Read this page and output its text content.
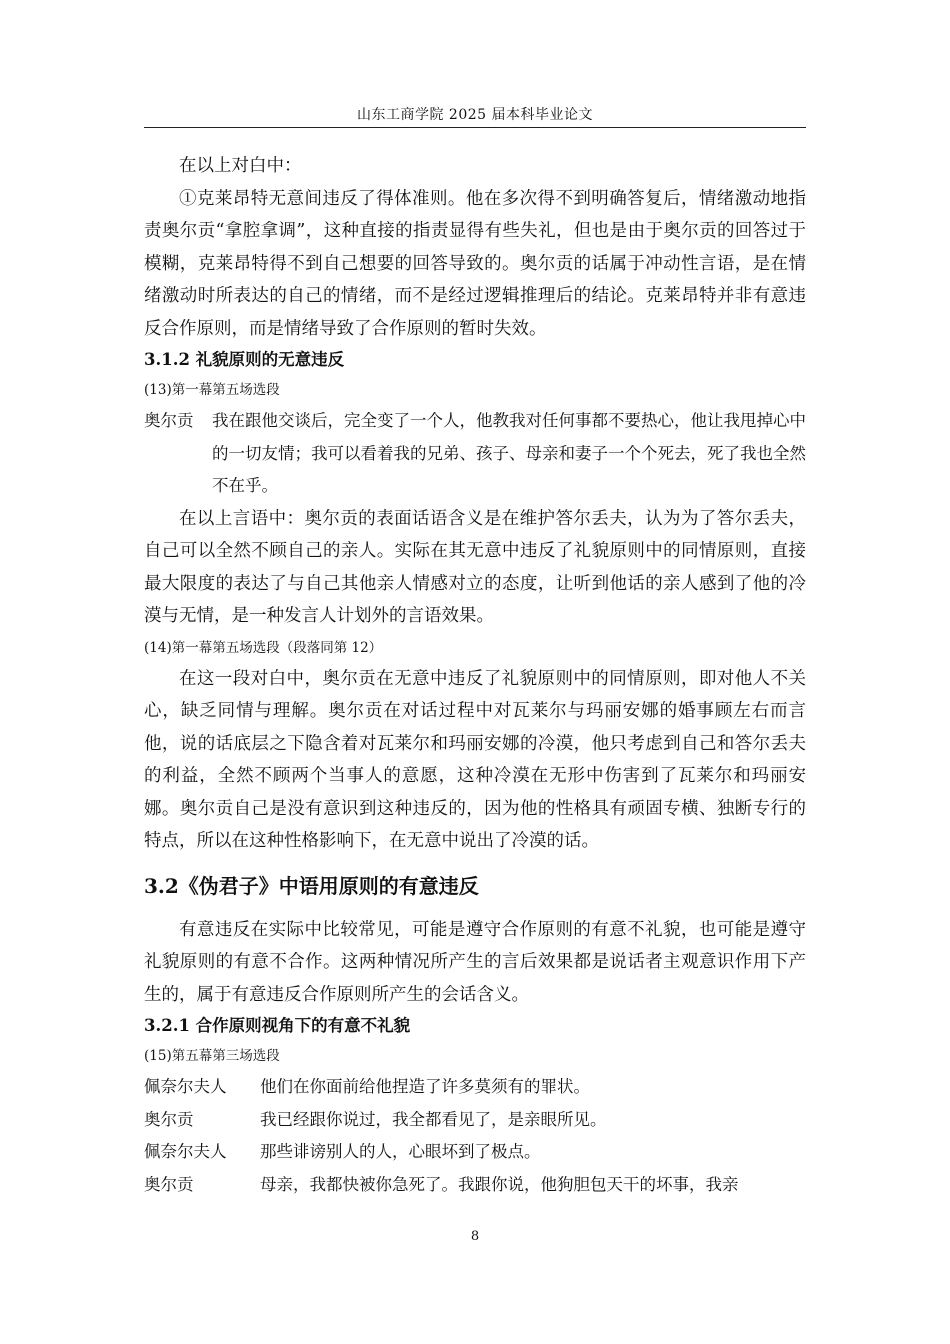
山东工商学院 2025 届本科毕业论文

在以上对白中：

①克莱昂特无意间违反了得体准则。他在多次得不到明确答复后，情绪激动地指责奥尔贡“拿腔拿调”，这种直接的指责显得有些失礼，但也是由于奥尔贡的回答过于模糊，克莱昂特得不到自己想要的回答导致的。奥尔贡的话属于冲动性言语，是在情绪激动时所表达的自己的情绪，而不是经过逻辑推理后的结论。克莱昂特并非有意违反合作原则，而是情绪导致了合作原则的暂时失效。

3.1.2 礼貌原则的无意违反

(13)第一幕第五场选段

奥尔贡	我在跟他交谈后，完全变了一个人，他教我对任何事都不要热心，他让我甩掉心中的一切友情；我可以看着我的兄弟、孩子、母亲和妻子一个个死去，死了我也全然不在乎。

在以上言语中：奥尔贡的表面话语含义是在维护答尔丢夫，认为为了答尔丢夫，自己可以全然不顾自己的亲人。实际在其无意中违反了礼貌原则中的同情原则，直接最大限度的表达了与自己其他亲人情感对立的态度，让听到他话的亲人感到了他的冷漠与无情，是一种发言人计划外的言语效果。

(14)第一幕第五场选段（段落同第 12）

在这一段对白中，奥尔贡在无意中违反了礼貌原则中的同情原则，即对他人不关心，缺乏同情与理解。奥尔贡在对话过程中对瓦莱尔与玛丽安娜的婚事顾左右而言他，说的话底层之下隐含着对瓦莱尔和玛丽安娜的冷漠，他只考虑到自己和答尔丢夫的利益，全然不顾两个当事人的意愿，这种冷漠在无形中伤害到了瓦莱尔和玛丽安娜。奥尔贡自己是没有意识到这种违反的，因为他的性格具有顽固专横、独断专行的特点，所以在这种性格影响下，在无意中说出了冷漠的话。

3.2《伪君子》中语用原则的有意违反

有意违反在实际中比较常见，可能是遵守合作原则的有意不礼貌，也可能是遵守礼貌原则的有意不合作。这两种情况所产生的言后效果都是说话者主观意识作用下产生的，属于有意违反合作原则所产生的会话含义。

3.2.1 合作原则视角下的有意不礼貌

(15)第五幕第三场选段

佩奈尔夫人	他们在你面前给他捏造了许多莫须有的罪状。
奥尔贡	我已经跟你说过，我全都看见了，是亲眼所见。
佩奈尔夫人	那些诽谤别人的人，心眼坏到了极点。
奥尔贡	母亲，我都快被你急死了。我跟你说，他狗胆包天干的坏事，我亲
8
